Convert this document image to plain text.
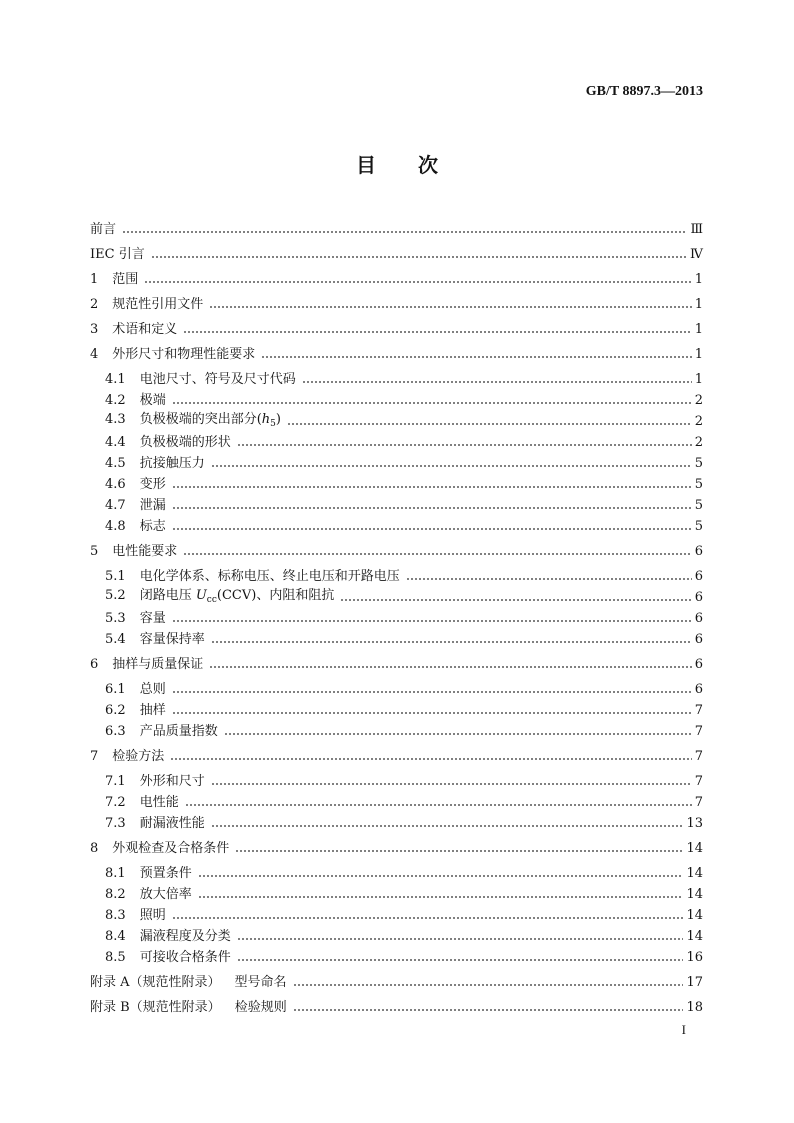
GB/T 8897.3—2013
目　次
前言	Ⅲ
IEC 引言	Ⅳ
1 范围	1
2 规范性引用文件	1
3 术语和定义	1
4 外形尺寸和物理性能要求	1
4.1 电池尺寸、符号及尺寸代码	1
4.2 极端	2
4.3 负极极端的突出部分$(h_5)$	2
4.4 负极极端的形状	2
4.5 抗接触压力	5
4.6 变形	5
4.7 泄漏	5
4.8 标志	5
5 电性能要求	6
5.1 电化学体系、标称电压、终止电压和开路电压	6
5.2 闭路电压 $U_{cc}(CCV)$、内阻和阻抗	6
5.3 容量	6
5.4 容量保持率	6
6 抽样与质量保证	6
6.1 总则	6
6.2 抽样	7
6.3 产品质量指数	7
7 检验方法	7
7.1 外形和尺寸	7
7.2 电性能	7
7.3 耐漏液性能	13
8 外观检查及合格条件	14
8.1 预置条件	14
8.2 放大倍率	14
8.3 照明	14
8.4 漏液程度及分类	14
8.5 可接收合格条件	16
附录 A（规范性附录） 型号命名	17
附录 B（规范性附录） 检验规则	18
I
